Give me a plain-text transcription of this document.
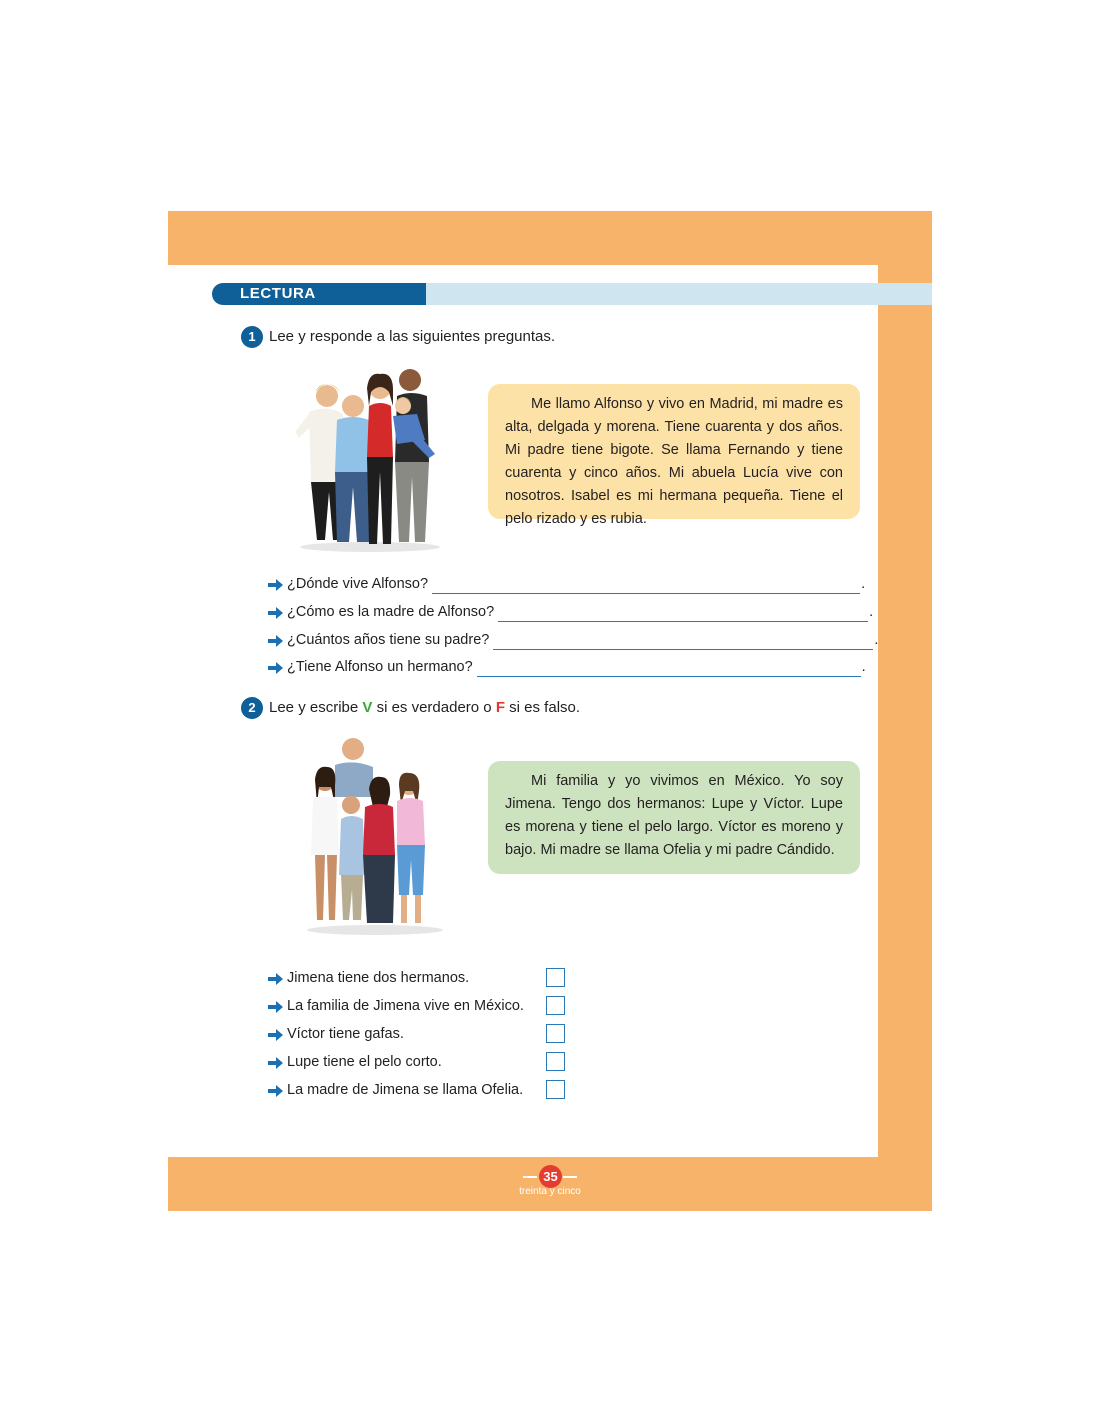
LECTURA
1 Lee y responde a las siguientes preguntas.

Me llamo Alfonso y vivo en Madrid, mi madre es alta, delgada y morena. Tiene cuarenta y dos años. Mi padre tiene bigote. Se llama Fernando y tiene cuarenta y cinco años. Mi abuela Lucía vive con nosotros. Isabel es mi hermana pequeña. Tiene el pelo rizado y es rubia.

¿Dónde vive Alfonso?	.
¿Cómo es la madre de Alfonso?	.
¿Cuántos años tiene su padre?	.
¿Tiene Alfonso un hermano?	.
2 Lee y escribe V si es verdadero o F si es falso.

Mi familia y yo vivimos en México. Yo soy Jimena. Tengo dos hermanos: Lupe y Víctor. Lupe es morena y tiene el pelo largo. Víctor es moreno y bajo. Mi madre se llama Ofelia y mi padre Cándido.

Jimena tiene dos hermanos.
La familia de Jimena vive en México.
Víctor tiene gafas.
Lupe tiene el pelo corto.
La madre de Jimena se llama Ofelia.
35
treinta y cinco
